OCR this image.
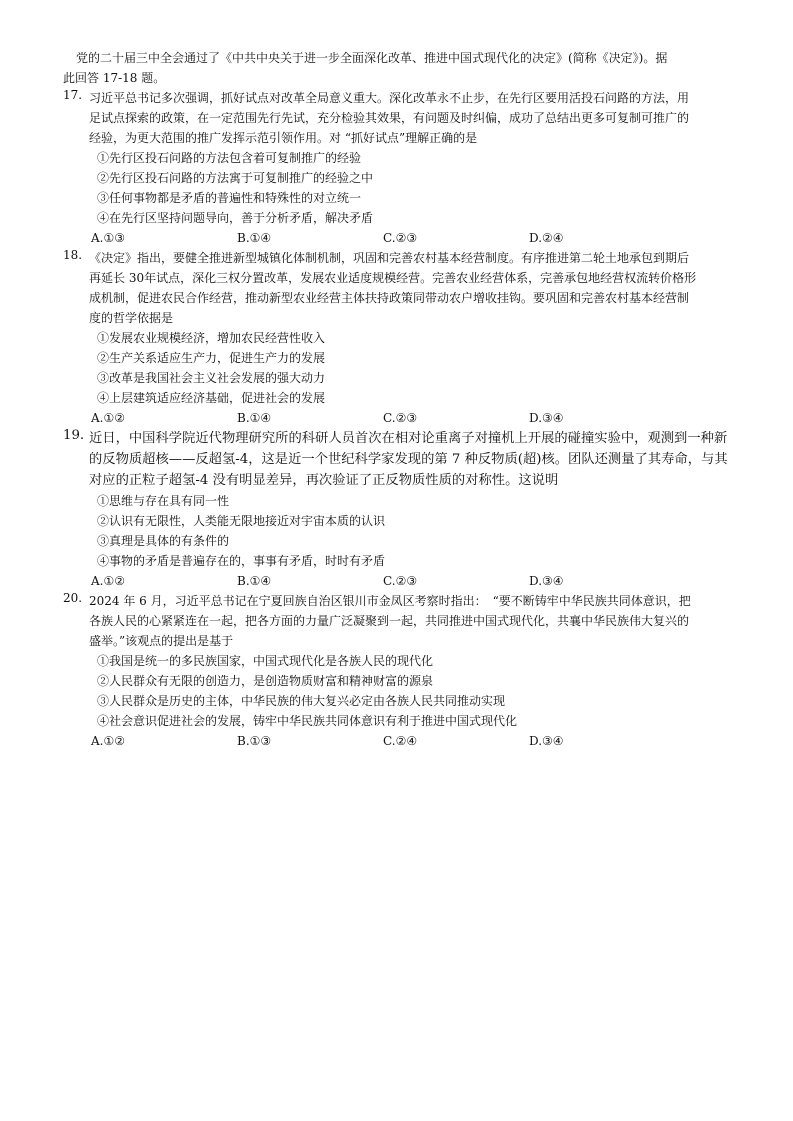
党的二十届三中全会通过了《中共中央关于进一步全面深化改革、推进中国式现代化的决定》(简称《决定》)。据
此回答 17-18 题。
17. 习近平总书记多次强调，抓好试点对改革全局意义重大。深化改革永不止步，在先行区要用活投石问路的方法，用
足试点探索的政策，在一定范围先行先试，充分检验其效果，有问题及时纠偏，成功了总结出更多可复制可推广的
经验，为更大范围的推广发挥示范引领作用。对 “抓好试点”理解正确的是
①先行区投石问路的方法包含着可复制推广的经验
②先行区投石问路的方法寓于可复制推广的经验之中
③任何事物都是矛盾的普遍性和特殊性的对立统一
④在先行区坚持问题导向，善于分析矛盾，解决矛盾
A.①③	B.①④	C.②③	D.②④
18. 《决定》指出，要健全推进新型城镇化体制机制，巩固和完善农村基本经营制度。有序推进第二轮土地承包到期后
再延长 30年试点，深化三权分置改革，发展农业适度规模经营。完善农业经营体系，完善承包地经营权流转价格形
成机制，促进农民合作经营，推动新型农业经营主体扶持政策同带动农户增收挂钩。要巩固和完善农村基本经营制
度的哲学依据是
①发展农业规模经济，增加农民经营性收入
②生产关系适应生产力，促进生产力的发展
③改革是我国社会主义社会发展的强大动力
④上层建筑适应经济基础，促进社会的发展
A.①②	B.①④	C.②③	D.③④
19. 近日，中国科学院近代物理研究所的科研人员首次在相对论重离子对撞机上开展的碰撞实验中，观测到一种新
的反物质超核——反超氢-4，这是近一个世纪科学家发现的第 7 种反物质(超)核。团队还测量了其寿命，与其
对应的正粒子超氢-4 没有明显差异，再次验证了正反物质性质的对称性。这说明
①思维与存在具有同一性
②认识有无限性，人类能无限地接近对宇宙本质的认识
③真理是具体的有条件的
④事物的矛盾是普遍存在的，事事有矛盾，时时有矛盾
A.①②	B.①④	C.②③	D.③④
20. 2024 年 6 月，习近平总书记在宁夏回族自治区银川市金凤区考察时指出：　“要不断铸牢中华民族共同体意识，把
各族人民的心紧紧连在一起，把各方面的力量广泛凝聚到一起，共同推进中国式现代化，共襄中华民族伟大复兴的
盛举。”该观点的提出是基于
①我国是统一的多民族国家，中国式现代化是各族人民的现代化
②人民群众有无限的创造力，是创造物质财富和精神财富的源泉
③人民群众是历史的主体，中华民族的伟大复兴必定由各族人民共同推动实现
④社会意识促进社会的发展，铸牢中华民族共同体意识有利于推进中国式现代化
A.①②	B.①③	C.②④	D.③④
